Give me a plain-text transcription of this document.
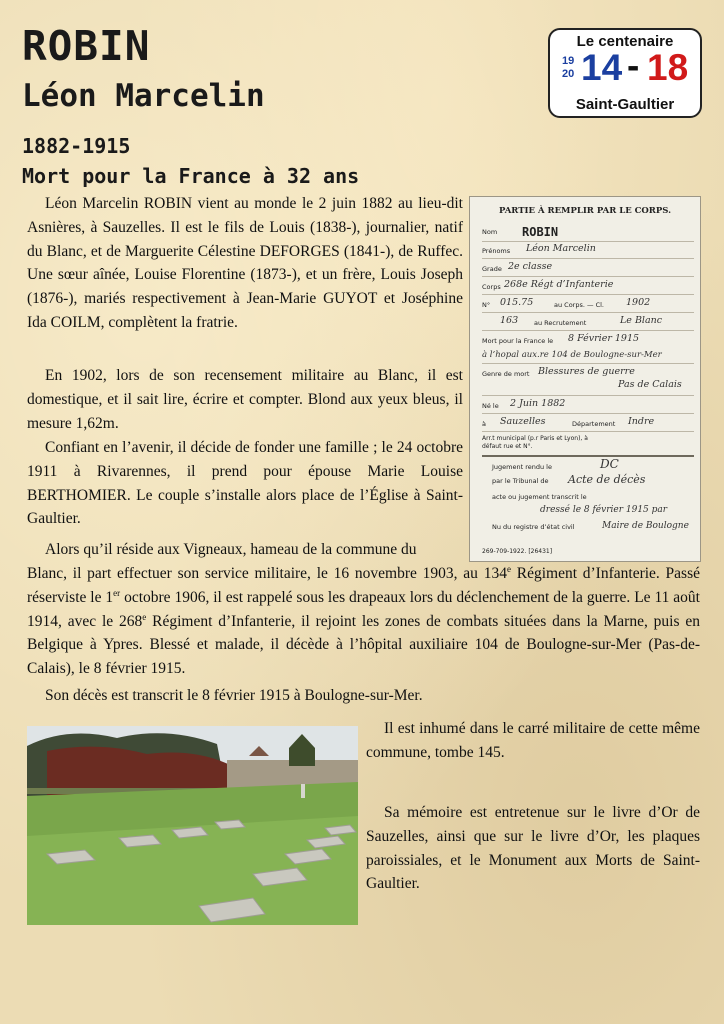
ROBIN
Léon Marcelin
1882-1915
Mort pour la France à 32 ans
Le centenaire
19
20 14 - 18
Saint-Gaultier

Léon Marcelin ROBIN vient au monde le 2 juin 1882 au lieu-dit Asnières, à Sauzelles. Il est le fils de Louis (1838-), journalier, natif du Blanc, et de Marguerite Célestine DEFORGES (1841-), de Ruffec. Une sœur aînée, Louise Florentine (1873-), et un frère, Louis Joseph (1876-), mariés respectivement à Jean-Marie GUYOT et Joséphine Ida COILM, complètent la fratrie.

En 1902, lors de son recensement militaire au Blanc, il est domestique, et il sait lire, écrire et compter. Blond aux yeux bleus, il mesure 1,62m.

Confiant en l’avenir, il décide de fonder une famille ; le 24 octobre 1911 à Rivarennes, il prend pour épouse Marie Louise BERTHOMIER. Le couple s’installe alors place de l’Église à Saint-Gaultier.

Alors qu’il réside aux Vigneaux, hameau de la commune du

Blanc, il part effectuer son service militaire, le 16 novembre 1903, au 134e Régiment d’Infanterie. Passé réserviste le 1er octobre 1906, il est rappelé sous les drapeaux lors du déclenchement de la guerre. Le 11 août 1914, avec le 268e Régiment d’Infanterie, il rejoint les zones de combats situées dans la Marne, puis en Belgique à Ypres. Blessé et malade, il décède à l’hôpital auxiliaire 104 de Boulogne-sur-Mer (Pas-de-Calais), le 8 février 1915.

Son décès est transcrit le 8 février 1915 à Boulogne-sur-Mer.

Il est inhumé dans le carré militaire de cette même commune, tombe 145.

Sa mémoire est entretenue sur le livre d’Or de Sauzelles, ainsi que sur le livre d’Or, les plaques paroissiales, et le Monument aux Morts de Saint-Gaultier.

PARTIE À REMPLIR PAR LE CORPS.
Nom ROBIN
Prénoms Léon Marcelin
Grade 2e classe
Corps 268e Régt d’Infanterie
N° 015.75	au Corps. — Cl. 1902
163 au Recrutement	Le Blanc
Mort pour la France le 8 Février 1915
à l’hopal aux.re 104 de Boulogne-sur-Mer
Genre de mort Blessures de guerre
Pas de Calais
Né le 2 Juin 1882
à Sauzelles	Département Indre
Arr.t municipal (p.r Paris et Lyon), à défaut rue et N°.
Jugement rendu le	DC
par le Tribunal de Acte de décès
acte ou jugement transcrit le
dressé le 8 février 1915 par
Nu du registre d’état civil	Maire de Boulogne
269-709-1922. [26431]
